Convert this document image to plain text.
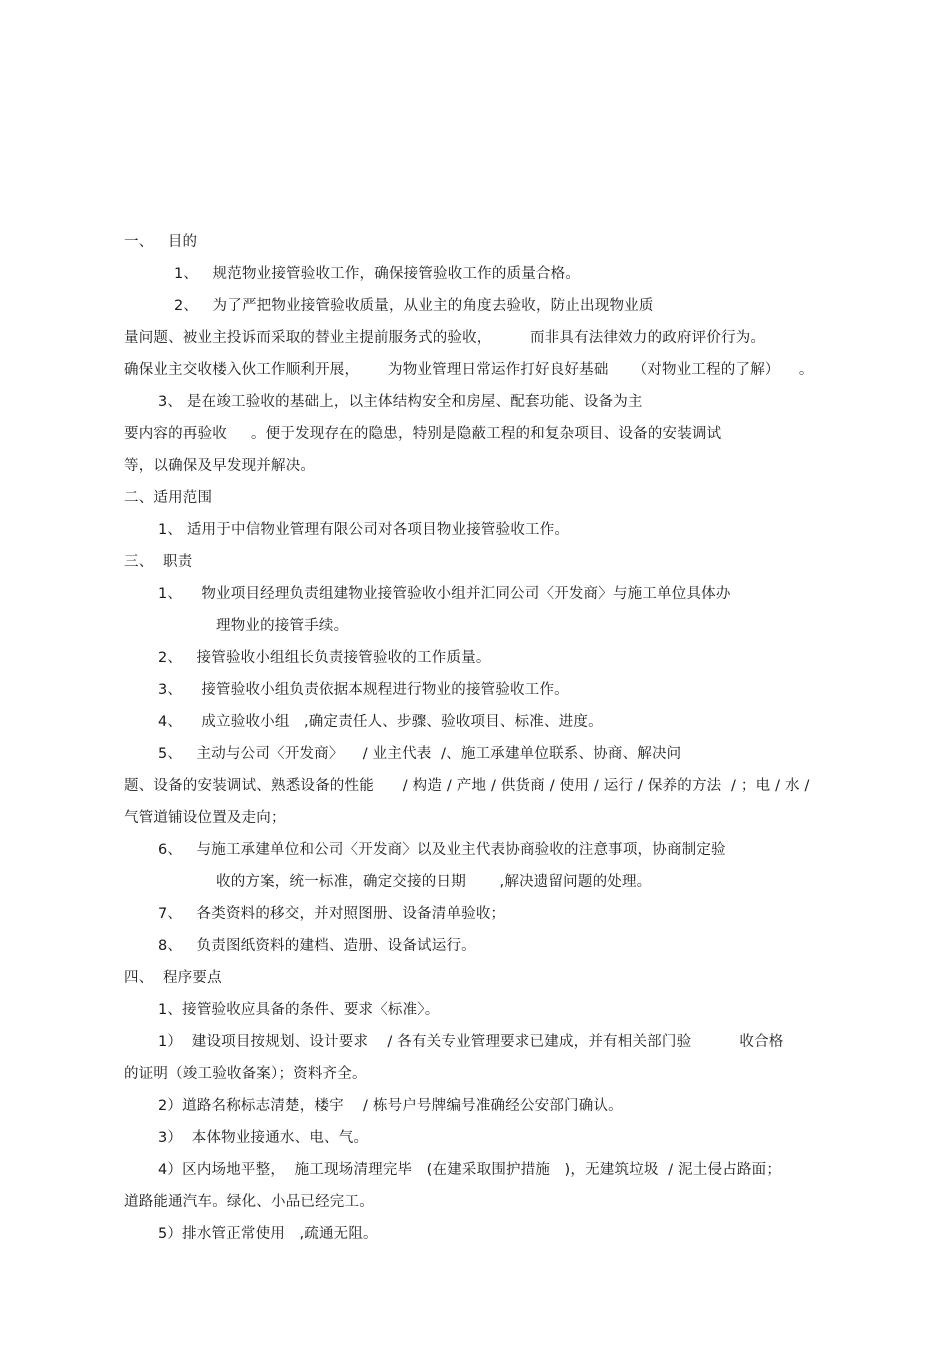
一、   目的
1、   规范物业接管验收工作，确保接管验收工作的质量合格。
2、   为了严把物业接管验收质量，从业主的角度去验收，防止出现物业质
量问题、被业主投诉而采取的替业主提前服务式的验收，        而非具有法律效力的政府评价行为。
确保业主交收楼入伙工作顺利开展，      为物业管理日常运作打好良好基础     （对物业工程的了解）    。
3、 是在竣工验收的基础上，以主体结构安全和房屋、配套功能、设备为主
要内容的再验收     。便于发现存在的隐患，特别是隐蔽工程的和复杂项目、设备的安装调试
等，以确保及早发现并解决。
二、适用范围
1、 适用于中信物业管理有限公司对各项目物业接管验收工作。
三、  职责
1、    物业项目经理负责组建物业接管验收小组并汇同公司〈开发商〉与施工单位具体办
理物业的接管手续。
2、   接管验收小组组长负责接管验收的工作质量。
3、    接管验收小组负责依据本规程进行物业的接管验收工作。
4、    成立验收小组   ,确定责任人、步骤、验收项目、标准、进度。
5、   主动与公司〈开发商〉    / 业主代表  /、施工承建单位联系、协商、解决问
题、设备的安装调试、熟悉设备的性能      / 构造 / 产地 / 供货商 / 使用 / 运行 / 保养的方法  / ；电 / 水 /
气管道铺设位置及走向；
6、   与施工承建单位和公司〈开发商〉以及业主代表协商验收的注意事项，协商制定验
收的方案，统一标准，确定交接的日期       ,解决遗留问题的处理。
7、   各类资料的移交，并对照图册、设备清单验收；
8、   负责图纸资料的建档、造册、设备试运行。
四、  程序要点
1、接管验收应具备的条件、要求〈标准〉。
1）  建设项目按规划、设计要求    / 各有关专业管理要求已建成，并有相关部门验          收合格
的证明（竣工验收备案）；资料齐全。
2）道路名称标志清楚，楼宇    / 栋号户号牌编号准确经公安部门确认。
3）  本体物业接通水、电、气。
4）区内场地平整，  施工现场清理完毕   (在建采取围护措施   )，无建筑垃圾  / 泥土侵占路面；
道路能通汽车。绿化、小品已经完工。
5）排水管正常使用   ,疏通无阻。
